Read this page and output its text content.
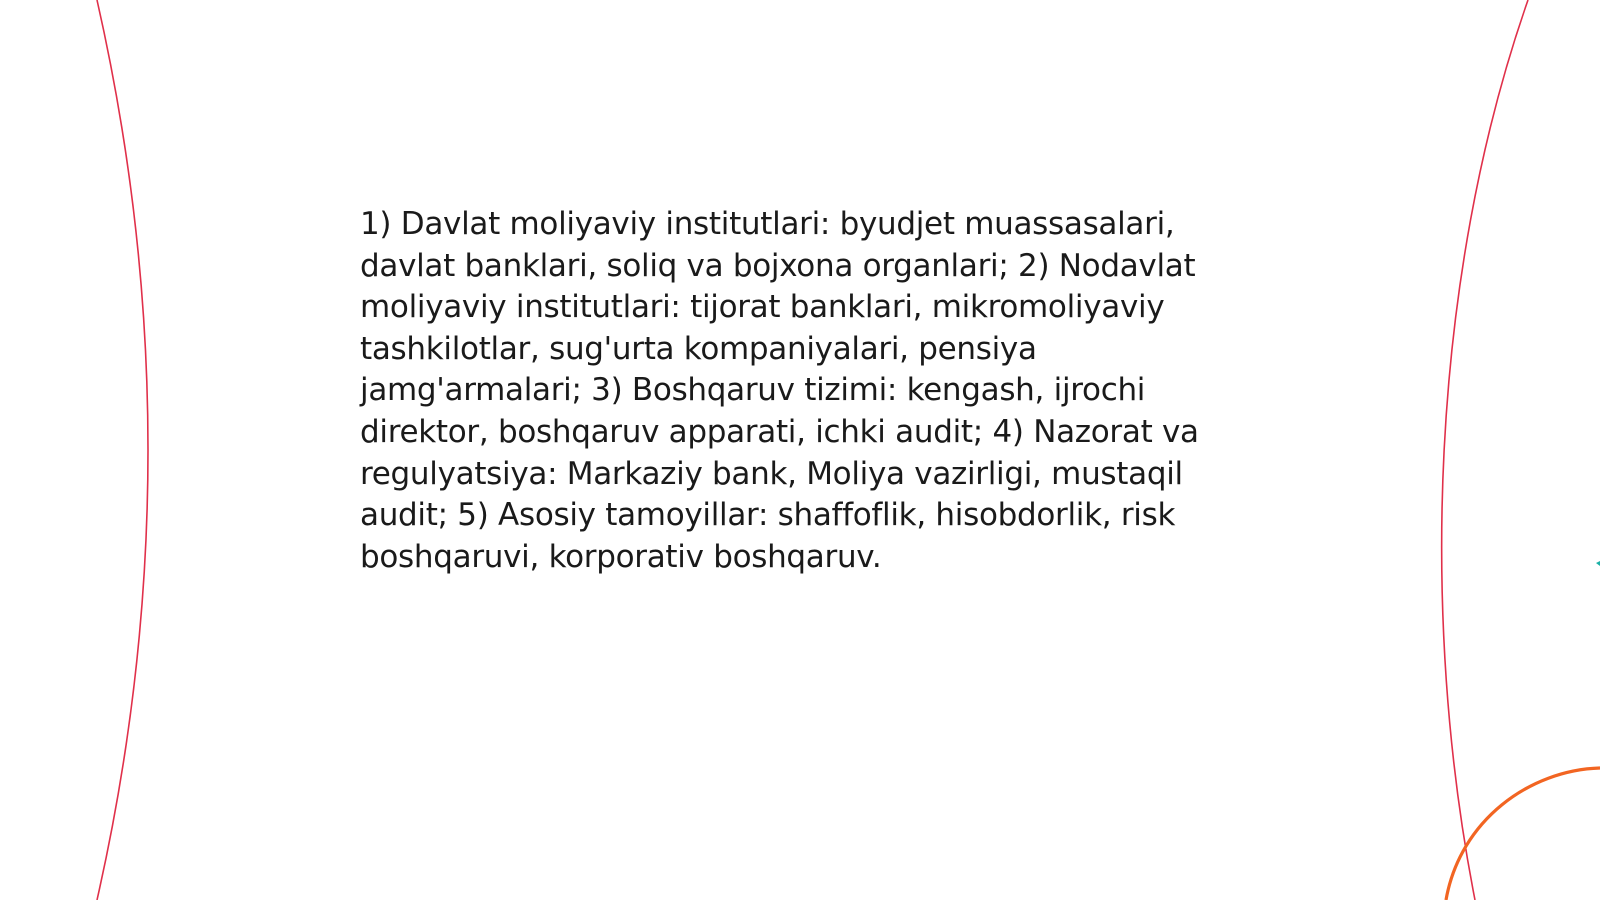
1) Davlat moliyaviy institutlari: byudjet muassasalari, davlat banklari, soliq va bojxona organlari; 2) Nodavlat moliyaviy institutlari: tijorat banklari, mikromoliyaviy tashkilotlar, sug'urta kompaniyalari, pensiya jamg'armalari; 3) Boshqaruv tizimi: kengash, ijrochi direktor, boshqaruv apparati, ichki audit; 4) Nazorat va regulyatsiya: Markaziy bank, Moliya vazirligi, mustaqil audit; 5) Asosiy tamoyillar: shaffoflik, hisobdorlik, risk boshqaruvi, korporativ boshqaruv.
